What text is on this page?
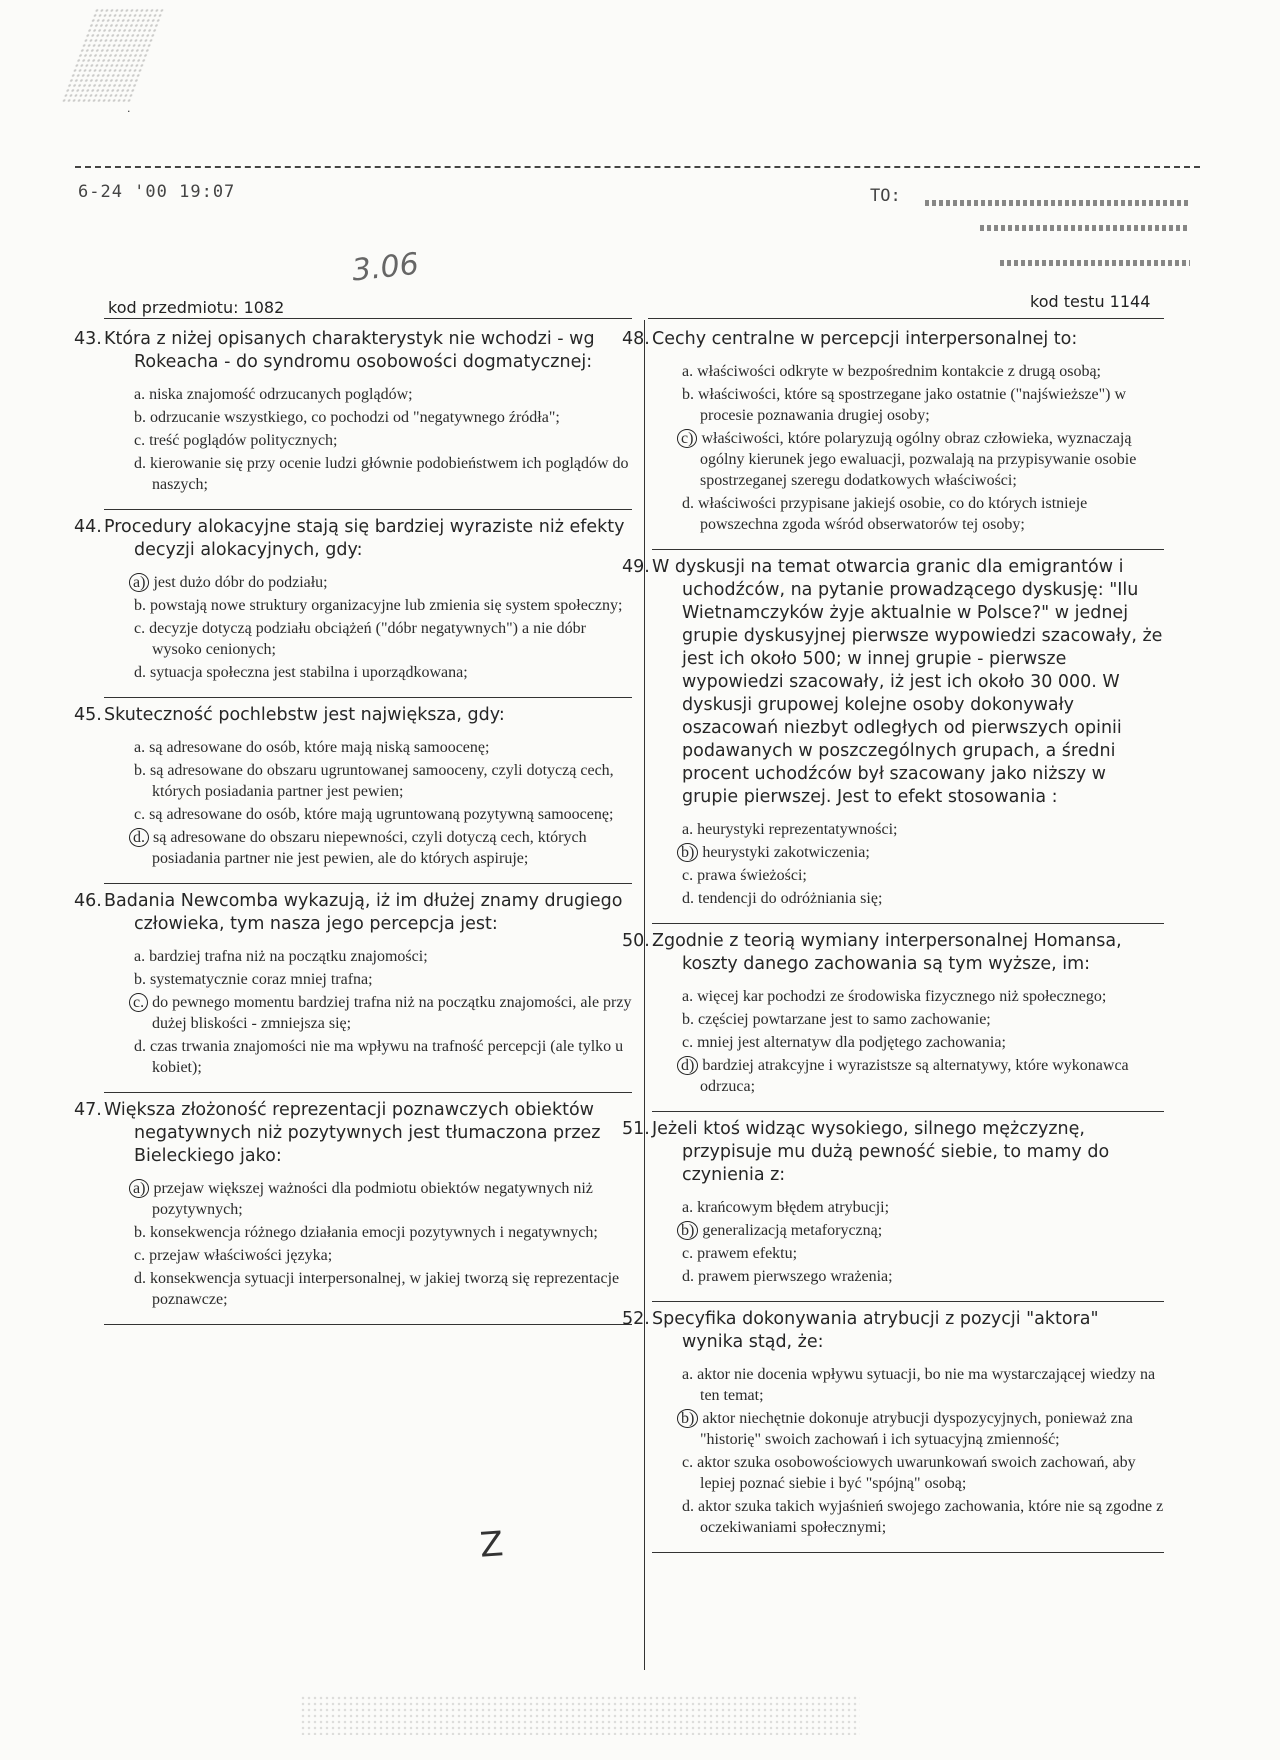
·
6-24 '00 19:07	TO:
3.06
kod przedmiotu: 1082	kod testu 1144
43. Która z niżej opisanych charakterystyk nie wchodzi - wg Rokeacha - do syndromu osobowości dogmatycznej:
a. niska znajomość odrzucanych poglądów;
b. odrzucanie wszystkiego, co pochodzi od "negatywnego źródła";
c. treść poglądów politycznych;
d. kierowanie się przy ocenie ludzi głównie podobieństwem ich poglądów do naszych;
44. Procedury alokacyjne stają się bardziej wyraziste niż efekty decyzji alokacyjnych, gdy:
a) jest dużo dóbr do podziału;
b. powstają nowe struktury organizacyjne lub zmienia się system społeczny;
c. decyzje dotyczą podziału obciążeń ("dóbr negatywnych") a nie dóbr wysoko cenionych;
d. sytuacja społeczna jest stabilna i uporządkowana;
45. Skuteczność pochlebstw jest największa, gdy:
a. są adresowane do osób, które mają niską samoocenę;
b. są adresowane do obszaru ugruntowanej samooceny, czyli dotyczą cech, których posiadania partner jest pewien;
c. są adresowane do osób, które mają ugruntowaną pozytywną samoocenę;
d. są adresowane do obszaru niepewności, czyli dotyczą cech, których posiadania partner nie jest pewien, ale do których aspiruje;
46. Badania Newcomba wykazują, iż im dłużej znamy drugiego człowieka, tym nasza jego percepcja jest:
a. bardziej trafna niż na początku znajomości;
b. systematycznie coraz mniej trafna;
c. do pewnego momentu bardziej trafna niż na początku znajomości, ale przy dużej bliskości - zmniejsza się;
d. czas trwania znajomości nie ma wpływu na trafność percepcji (ale tylko u kobiet);
47. Większa złożoność reprezentacji poznawczych obiektów negatywnych niż pozytywnych jest tłumaczona przez Bieleckiego jako:
a) przejaw większej ważności dla podmiotu obiektów negatywnych niż pozytywnych;
b. konsekwencja różnego działania emocji pozytywnych i negatywnych;
c. przejaw właściwości języka;
d. konsekwencja sytuacji interpersonalnej, w jakiej tworzą się reprezentacje poznawcze;
48. Cechy centralne w percepcji interpersonalnej to:
a. właściwości odkryte w bezpośrednim kontakcie z drugą osobą;
b. właściwości, które są spostrzegane jako ostatnie ("najświeższe") w procesie poznawania drugiej osoby;
c) właściwości, które polaryzują ogólny obraz człowieka, wyznaczają ogólny kierunek jego ewaluacji, pozwalają na przypisywanie osobie spostrzeganej szeregu dodatkowych właściwości;
d. właściwości przypisane jakiejś osobie, co do których istnieje powszechna zgoda wśród obserwatorów tej osoby;
49. W dyskusji na temat otwarcia granic dla emigrantów i uchodźców, na pytanie prowadzącego dyskusję: "Ilu Wietnamczyków żyje aktualnie w Polsce?" w jednej grupie dyskusyjnej pierwsze wypowiedzi szacowały, że jest ich około 500; w innej grupie - pierwsze wypowiedzi szacowały, iż jest ich około 30 000. W dyskusji grupowej kolejne osoby dokonywały oszacowań niezbyt odległych od pierwszych opinii podawanych w poszczególnych grupach, a średni procent uchodźców był szacowany jako niższy w grupie pierwszej. Jest to efekt stosowania :
a. heurystyki reprezentatywności;
b) heurystyki zakotwiczenia;
c. prawa świeżości;
d. tendencji do odróżniania się;
50. Zgodnie z teorią wymiany interpersonalnej Homansa, koszty danego zachowania są tym wyższe, im:
a. więcej kar pochodzi ze środowiska fizycznego niż społecznego;
b. częściej powtarzane jest to samo zachowanie;
c. mniej jest alternatyw dla podjętego zachowania;
d) bardziej atrakcyjne i wyrazistsze są alternatywy, które wykonawca odrzuca;
51. Jeżeli ktoś widząc wysokiego, silnego mężczyznę, przypisuje mu dużą pewność siebie, to mamy do czynienia z:
a. krańcowym błędem atrybucji;
b) generalizacją metaforyczną;
c. prawem efektu;
d. prawem pierwszego wrażenia;
52. Specyfika dokonywania atrybucji z pozycji "aktora" wynika stąd, że:
a. aktor nie docenia wpływu sytuacji, bo nie ma wystarczającej wiedzy na ten temat;
b) aktor niechętnie dokonuje atrybucji dyspozycyjnych, ponieważ zna "historię" swoich zachowań i ich sytuacyjną zmienność;
c. aktor szuka osobowościowych uwarunkowań swoich zachowań, aby lepiej poznać siebie i być "spójną" osobą;
d. aktor szuka takich wyjaśnień swojego zachowania, które nie są zgodne z oczekiwaniami społecznymi;
Z
